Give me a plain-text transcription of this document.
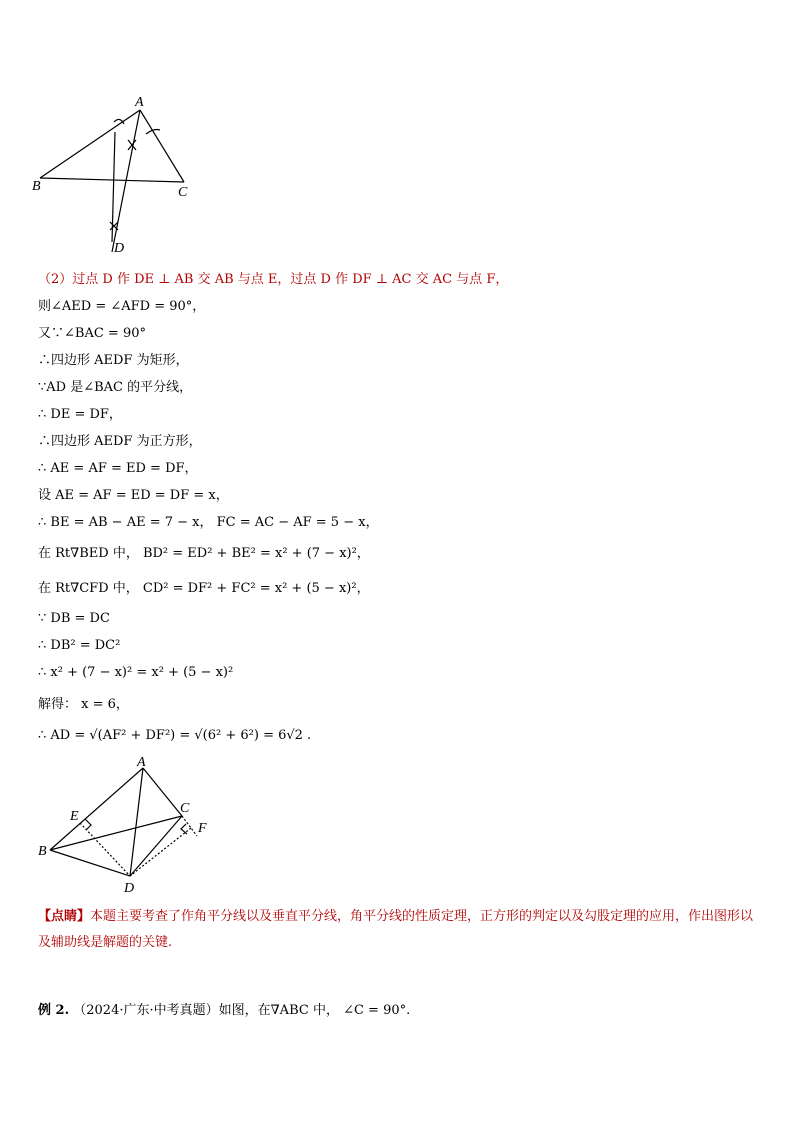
A
B	C
D
（2）过点 D 作 DE ⊥ AB 交 AB 与点 E，过点 D 作 DF ⊥ AC 交 AC 与点 F，
则∠AED = ∠AFD = 90°，
又∵∠BAC = 90°
∴四边形 AEDF 为矩形，
∵AD 是∠BAC 的平分线，
∴ DE = DF，
∴四边形 AEDF 为正方形，
∴ AE = AF = ED = DF，
设 AE = AF = ED = DF = x，
∴ BE = AB − AE = 7 − x， FC = AC − AF = 5 − x，
在 Rt∇BED 中， BD² = ED² + BE² = x² + (7 − x)²，
在 Rt∇CFD 中， CD² = DF² + FC² = x² + (5 − x)²，
∵ DB = DC
∴ DB² = DC²
∴ x² + (7 − x)² = x² + (5 − x)²
解得： x = 6，
∴ AD = √(AF² + DF²) = √(6² + 6²) = 6√2 .
A
B
C
D
E
F
【点睛】本题主要考查了作角平分线以及垂直平分线，角平分线的性质定理，正方形的判定以及勾股定理的应用，作出图形以及辅助线是解题的关键.
例 2. （2024·广东·中考真题）如图，在∇ABC 中， ∠C = 90°.
